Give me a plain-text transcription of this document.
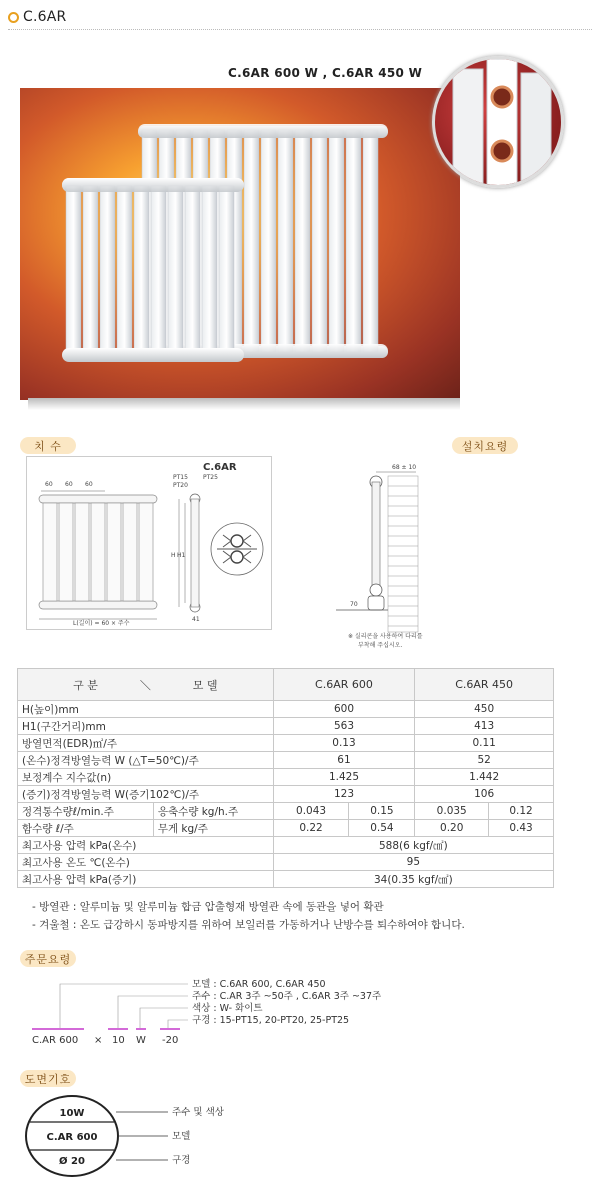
C.6AR
C.6AR 600 W , C.6AR 450 W
치 수	설치요령
C.6AR
60 60 60
L(길이) = 60 × 주수
PT15
PT20
PT25
H H1
41
68 ± 10
70
※ 실리콘을 사용하여 다리를
부착해 주십시오.
구 분 ＼ 모 델		C.6AR 600		C.6AR 450	
H(높이)mm		600		450	
H1(구간거리)mm		563		413	
방열면적(EDR)㎡/주		0.13		0.11	
(온수)정격방열능력 W (△T=50℃)/주		61		52	
보정계수 지수값(n)		1.425		1.442	
(증기)정격방열능력 W(증기102℃)/주		123		106	
정격통수량ℓ/min.주	응축수량 kg/h.주	0.043	0.15	0.035	0.12
함수량 ℓ/주	무게 kg/주	0.22	0.54	0.20	0.43
최고사용 압력 kPa(온수)		588(6 kgf/㎠)			
최고사용 온도 ℃(온수)		95			
최고사용 압력 kPa(증기)		34(0.35 kgf/㎠)			
- 방열관 : 알루미늄 및 알루미늄 합금 압출형재 방열관 속에 동관을 넣어 확관
- 겨울철 : 온도 급강하시 동파방지를 위하여 보일러를 가동하거나 난방수를 퇴수하여야 합니다.
주문요령
모델 : C.6AR 600, C.6AR 450
주수 : C.AR 3주 ~50주 , C.6AR 3주 ~37주
색상 : W- 화이트
구경 : 15-PT15, 20-PT20, 25-PT25
C.AR 600 × 10 W -20
도면기호
10W
C.AR 600
Ø 20
주수 및 색상
모델
구경
